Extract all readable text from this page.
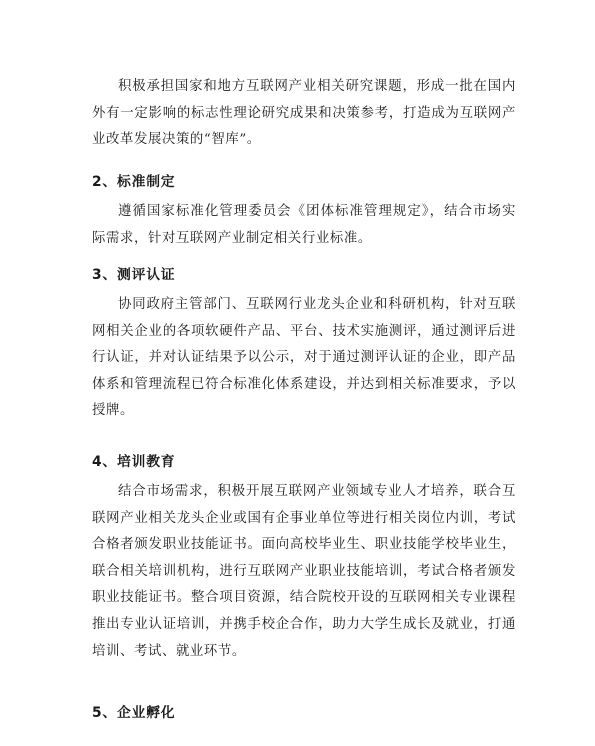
积极承担国家和地方互联网产业相关研究课题，形成一批在国内外有一定影响的标志性理论研究成果和决策参考，打造成为互联网产业改革发展决策的“智库”。

2、标准制定

遵循国家标准化管理委员会《团体标准管理规定》，结合市场实际需求，针对互联网产业制定相关行业标准。

3、测评认证

协同政府主管部门、互联网行业龙头企业和科研机构，针对互联网相关企业的各项软硬件产品、平台、技术实施测评，通过测评后进行认证，并对认证结果予以公示，对于通过测评认证的企业，即产品体系和管理流程已符合标准化体系建设，并达到相关标准要求，予以授牌。

4、培训教育

结合市场需求，积极开展互联网产业领域专业人才培养，联合互联网产业相关龙头企业或国有企事业单位等进行相关岗位内训，考试合格者颁发职业技能证书。面向高校毕业生、职业技能学校毕业生，联合相关培训机构，进行互联网产业职业技能培训，考试合格者颁发职业技能证书。整合项目资源，结合院校开设的互联网相关专业课程推出专业认证培训，并携手校企合作，助力大学生成长及就业，打通培训、考试、就业环节。

5、企业孵化
